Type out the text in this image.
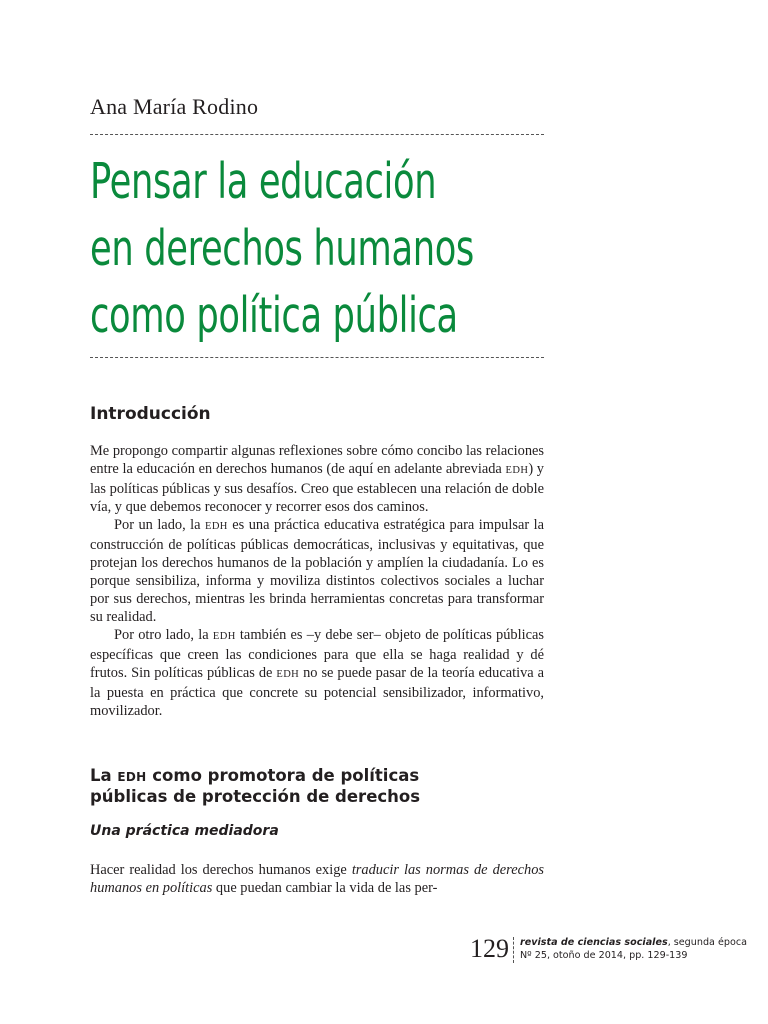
Ana María Rodino
Pensar la educación
en derechos humanos
como política pública
Introducción

Me propongo compartir algunas reflexiones sobre cómo concibo las relaciones entre la educación en derechos humanos (de aquí en adelante abreviada EDH) y las políticas públicas y sus desafíos. Creo que establecen una relación de doble vía, y que debemos reconocer y recorrer esos dos caminos.

Por un lado, la EDH es una práctica educativa estratégica para impulsar la construcción de políticas públicas democráticas, inclusivas y equitativas, que protejan los derechos humanos de la población y amplíen la ciudadanía. Lo es porque sensibiliza, informa y moviliza distintos colectivos sociales a luchar por sus derechos, mientras les brinda herramientas concretas para transformar su realidad.

Por otro lado, la EDH también es –y debe ser– objeto de políticas públicas específicas que creen las condiciones para que ella se haga realidad y dé frutos. Sin políticas públicas de EDH no se puede pasar de la teoría educativa a la puesta en práctica que concrete su potencial sensibilizador, informativo, movilizador.

La EDH como promotora de políticas
públicas de protección de derechos
Una práctica mediadora

Hacer realidad los derechos humanos exige traducir las normas de derechos humanos en políticas que puedan cambiar la vida de las per-

129 revista de ciencias sociales, segunda época
Nº 25, otoño de 2014, pp. 129-139
